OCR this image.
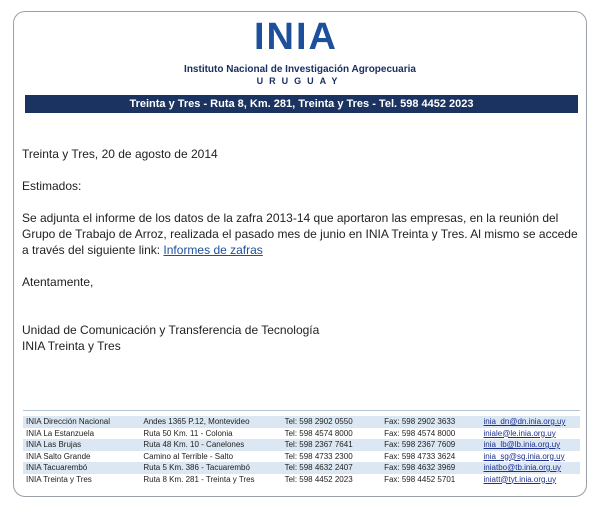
INIA
Instituto Nacional de Investigación Agropecuaria
URUGUAY
Treinta y Tres - Ruta 8, Km. 281, Treinta y Tres - Tel. 598 4452 2023

Treinta y Tres, 20 de agosto de 2014

Estimados:

Se adjunta el informe de los datos de la zafra 2013-14 que aportaron las empresas, en la reunión del Grupo de Trabajo de Arroz, realizada el pasado mes de junio en INIA Treinta y Tres. Al mismo se accede a través del siguiente link: Informes de zafras

Atentamente,

Unidad de Comunicación y Transferencia de Tecnología

INIA Treinta y Tres

INIA Dirección Nacional	Andes 1365 P.12, Montevideo	Tel: 598 2902 0550	Fax: 598 2902 3633	inia_dn@dn.inia.org.uy
INIA La Estanzuela	Ruta 50 Km. 11 - Colonia	Tel: 598 4574 8000	Fax: 598 4574 8000	iniale@le.inia.org.uy
INIA Las Brujas	Ruta 48 Km. 10 - Canelones	Tel: 598 2367 7641	Fax: 598 2367 7609	inia_lb@lb.inia.org.uy
INIA Salto Grande	Camino al Terrible - Salto	Tel: 598 4733 2300	Fax: 598 4733 3624	inia_sg@sg.inia.org.uy
INIA Tacuarembó	Ruta 5 Km. 386 - Tacuarembó	Tel: 598 4632 2407	Fax: 598 4632 3969	iniatbo@tb.inia.org.uy
INIA Treinta y Tres	Ruta 8 Km. 281 - Treinta y Tres	Tel: 598 4452 2023	Fax: 598 4452 5701	iniatt@tyt.inia.org.uy
